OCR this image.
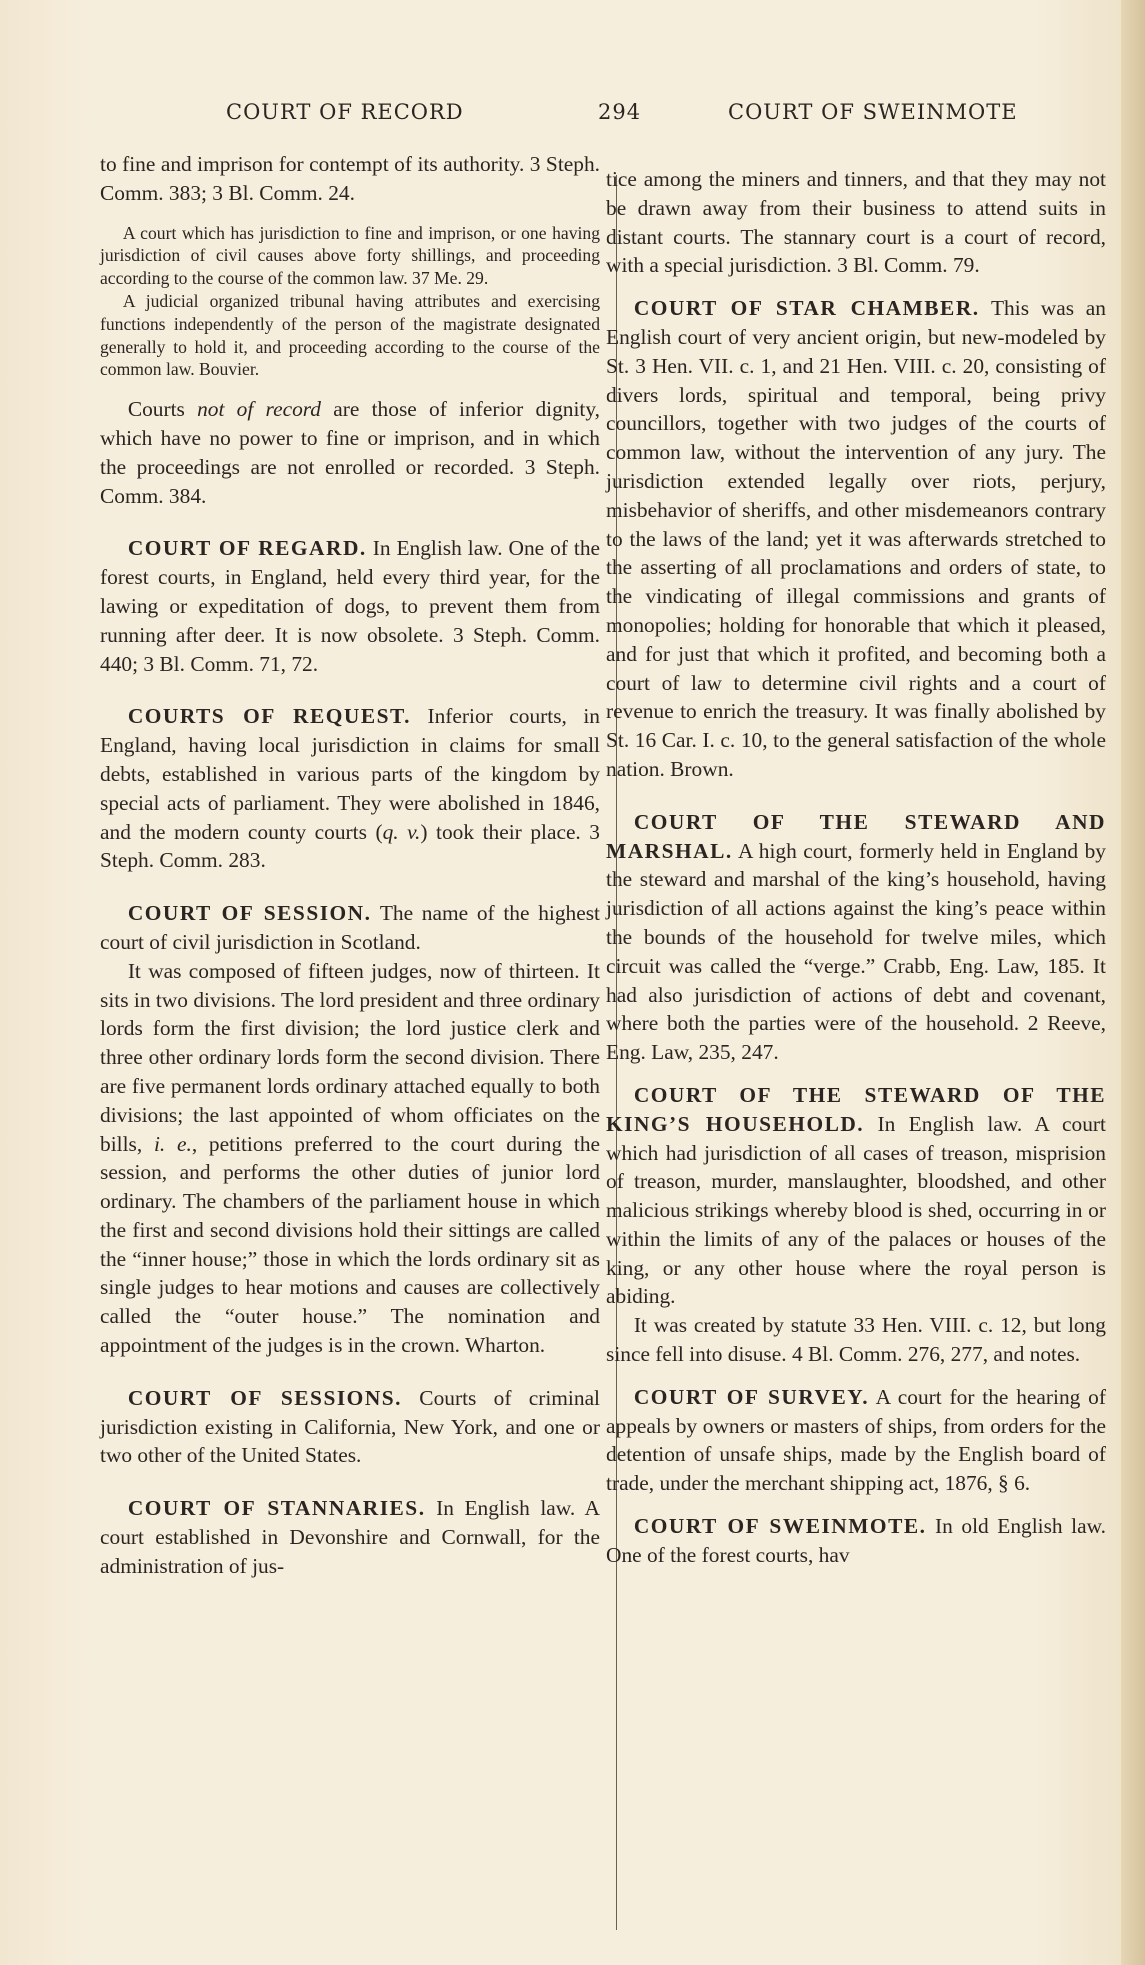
COURT OF RECORD	294	COURT OF SWEINMOTE

to fine and imprison for contempt of its authority. 3 Steph. Comm. 383; 3 Bl. Comm. 24.

A court which has jurisdiction to fine and imprison, or one having jurisdiction of civil causes above forty shillings, and proceeding according to the course of the common law. 37 Me. 29.

A judicial organized tribunal having attributes and exercising functions independently of the person of the magistrate designated generally to hold it, and proceeding according to the course of the common law. Bouvier.

Courts not of record are those of inferior dignity, which have no power to fine or imprison, and in which the proceedings are not enrolled or recorded. 3 Steph. Comm. 384.

COURT OF REGARD. In English law. One of the forest courts, in England, held every third year, for the lawing or expeditation of dogs, to prevent them from running after deer. It is now obsolete. 3 Steph. Comm. 440; 3 Bl. Comm. 71, 72.

COURTS OF REQUEST. Inferior courts, in England, having local jurisdiction in claims for small debts, established in various parts of the kingdom by special acts of parliament. They were abolished in 1846, and the modern county courts (q. v.) took their place. 3 Steph. Comm. 283.

COURT OF SESSION. The name of the highest court of civil jurisdiction in Scotland.

It was composed of fifteen judges, now of thirteen. It sits in two divisions. The lord president and three ordinary lords form the first division; the lord justice clerk and three other ordinary lords form the second division. There are five permanent lords ordinary attached equally to both divisions; the last appointed of whom officiates on the bills, i. e., petitions preferred to the court during the session, and performs the other duties of junior lord ordinary. The chambers of the parliament house in which the first and second divisions hold their sittings are called the “inner house;” those in which the lords ordinary sit as single judges to hear motions and causes are collectively called the “outer house.” The nomination and appointment of the judges is in the crown. Wharton.

COURT OF SESSIONS. Courts of criminal jurisdiction existing in California, New York, and one or two other of the United States.

COURT OF STANNARIES. In English law. A court established in Devonshire and Cornwall, for the administration of jus-

tice among the miners and tinners, and that they may not be drawn away from their business to attend suits in distant courts. The stannary court is a court of record, with a special jurisdiction. 3 Bl. Comm. 79.

COURT OF STAR CHAMBER. This was an English court of very ancient origin, but new-modeled by St. 3 Hen. VII. c. 1, and 21 Hen. VIII. c. 20, consisting of divers lords, spiritual and temporal, being privy councillors, together with two judges of the courts of common law, without the intervention of any jury. The jurisdiction extended legally over riots, perjury, misbehavior of sheriffs, and other misdemeanors contrary to the laws of the land; yet it was afterwards stretched to the asserting of all proclamations and orders of state, to the vindicating of illegal commissions and grants of monopolies; holding for honorable that which it pleased, and for just that which it profited, and becoming both a court of law to determine civil rights and a court of revenue to enrich the treasury. It was finally abolished by St. 16 Car. I. c. 10, to the general satisfaction of the whole nation. Brown.

COURT OF THE STEWARD AND MARSHAL. A high court, formerly held in England by the steward and marshal of the king’s household, having jurisdiction of all actions against the king’s peace within the bounds of the household for twelve miles, which circuit was called the “verge.” Crabb, Eng. Law, 185. It had also jurisdiction of actions of debt and covenant, where both the parties were of the household. 2 Reeve, Eng. Law, 235, 247.

COURT OF THE STEWARD OF THE KING’S HOUSEHOLD. In English law. A court which had jurisdiction of all cases of treason, misprision of treason, murder, manslaughter, bloodshed, and other malicious strikings whereby blood is shed, occurring in or within the limits of any of the palaces or houses of the king, or any other house where the royal person is abiding.

It was created by statute 33 Hen. VIII. c. 12, but long since fell into disuse. 4 Bl. Comm. 276, 277, and notes.

COURT OF SURVEY. A court for the hearing of appeals by owners or masters of ships, from orders for the detention of unsafe ships, made by the English board of trade, under the merchant shipping act, 1876, § 6.

COURT OF SWEINMOTE. In old English law. One of the forest courts, hav
